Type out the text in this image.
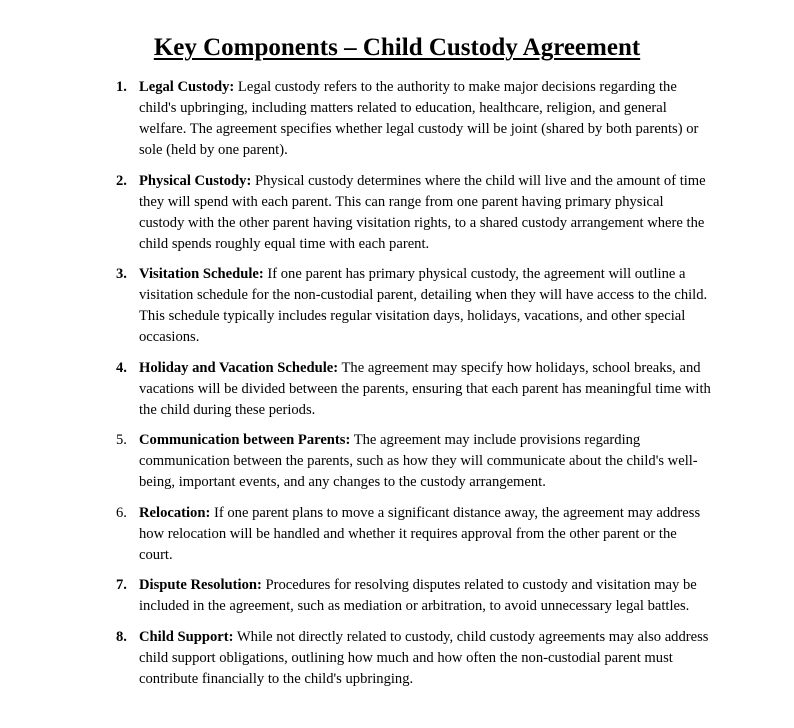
Key Components – Child Custody Agreement
1. Legal Custody: Legal custody refers to the authority to make major decisions regarding the child's upbringing, including matters related to education, healthcare, religion, and general welfare. The agreement specifies whether legal custody will be joint (shared by both parents) or sole (held by one parent).
2. Physical Custody: Physical custody determines where the child will live and the amount of time they will spend with each parent. This can range from one parent having primary physical custody with the other parent having visitation rights, to a shared custody arrangement where the child spends roughly equal time with each parent.
3. Visitation Schedule: If one parent has primary physical custody, the agreement will outline a visitation schedule for the non-custodial parent, detailing when they will have access to the child. This schedule typically includes regular visitation days, holidays, vacations, and other special occasions.
4. Holiday and Vacation Schedule: The agreement may specify how holidays, school breaks, and vacations will be divided between the parents, ensuring that each parent has meaningful time with the child during these periods.
5. Communication between Parents: The agreement may include provisions regarding communication between the parents, such as how they will communicate about the child's well-being, important events, and any changes to the custody arrangement.
6. Relocation: If one parent plans to move a significant distance away, the agreement may address how relocation will be handled and whether it requires approval from the other parent or the court.
7. Dispute Resolution: Procedures for resolving disputes related to custody and visitation may be included in the agreement, such as mediation or arbitration, to avoid unnecessary legal battles.
8. Child Support: While not directly related to custody, child custody agreements may also address child support obligations, outlining how much and how often the non-custodial parent must contribute financially to the child's upbringing.
